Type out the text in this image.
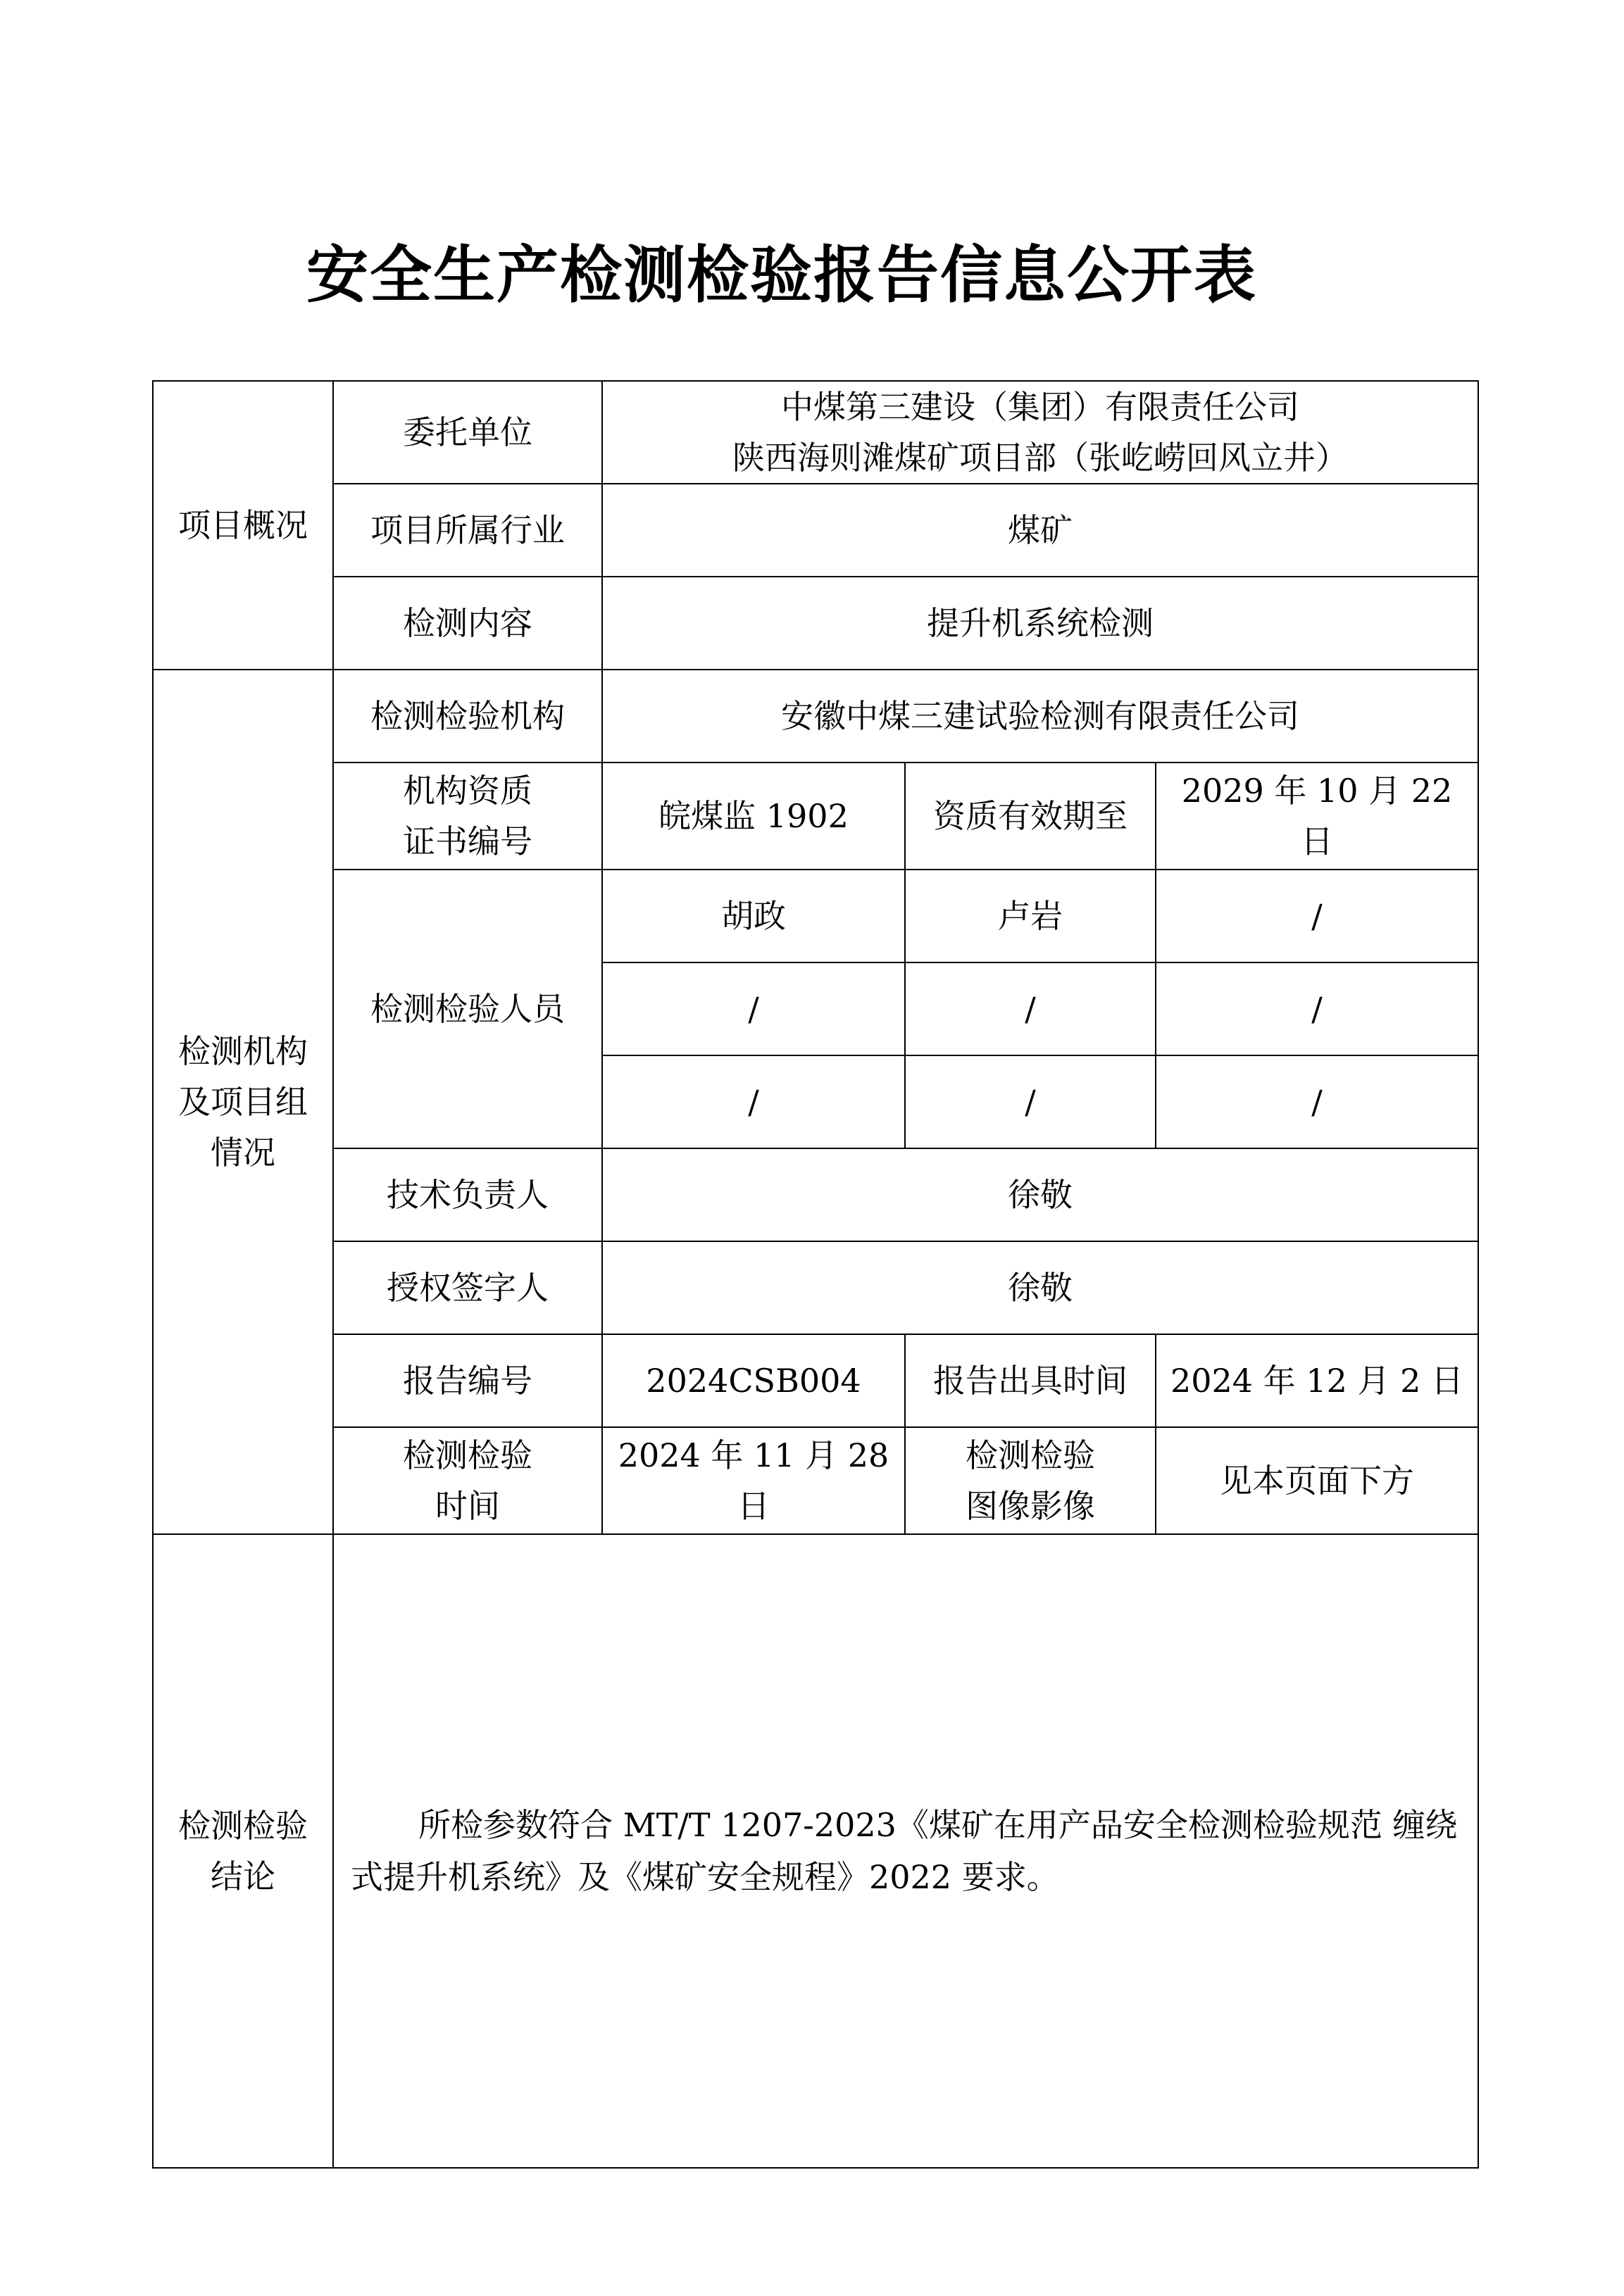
安全生产检测检验报告信息公开表
项目概况	委托单位	中煤第三建设（集团）有限责任公司
陕西海则滩煤矿项目部（张屹崂回风立井）		

	项目所属行业	煤矿		
	检测内容	提升机系统检测		

检测机构
及项目组
情况	检测检验机构	安徽中煤三建试验检测有限责任公司		

	机构资质
证书编号	皖煤监 1902	资质有效期至	2029 年 10 月 22 日
	检测检验人员	胡政	卢岩	/
		/	/	/
		/	/	/
	技术负责人	徐敬		
	授权签字人	徐敬		
	报告编号	2024CSB004	报告出具时间	2024 年 12 月 2 日

	检测检验
时间	2024 年 11 月 28 日	检测检验
图像影像	见本页面下方

检测检验
结论	所检参数符合 MT/T 1207-2023《煤矿在用产品安全检测检验规范 缠绕式提升机系统》及《煤矿安全规程》2022 要求。			
